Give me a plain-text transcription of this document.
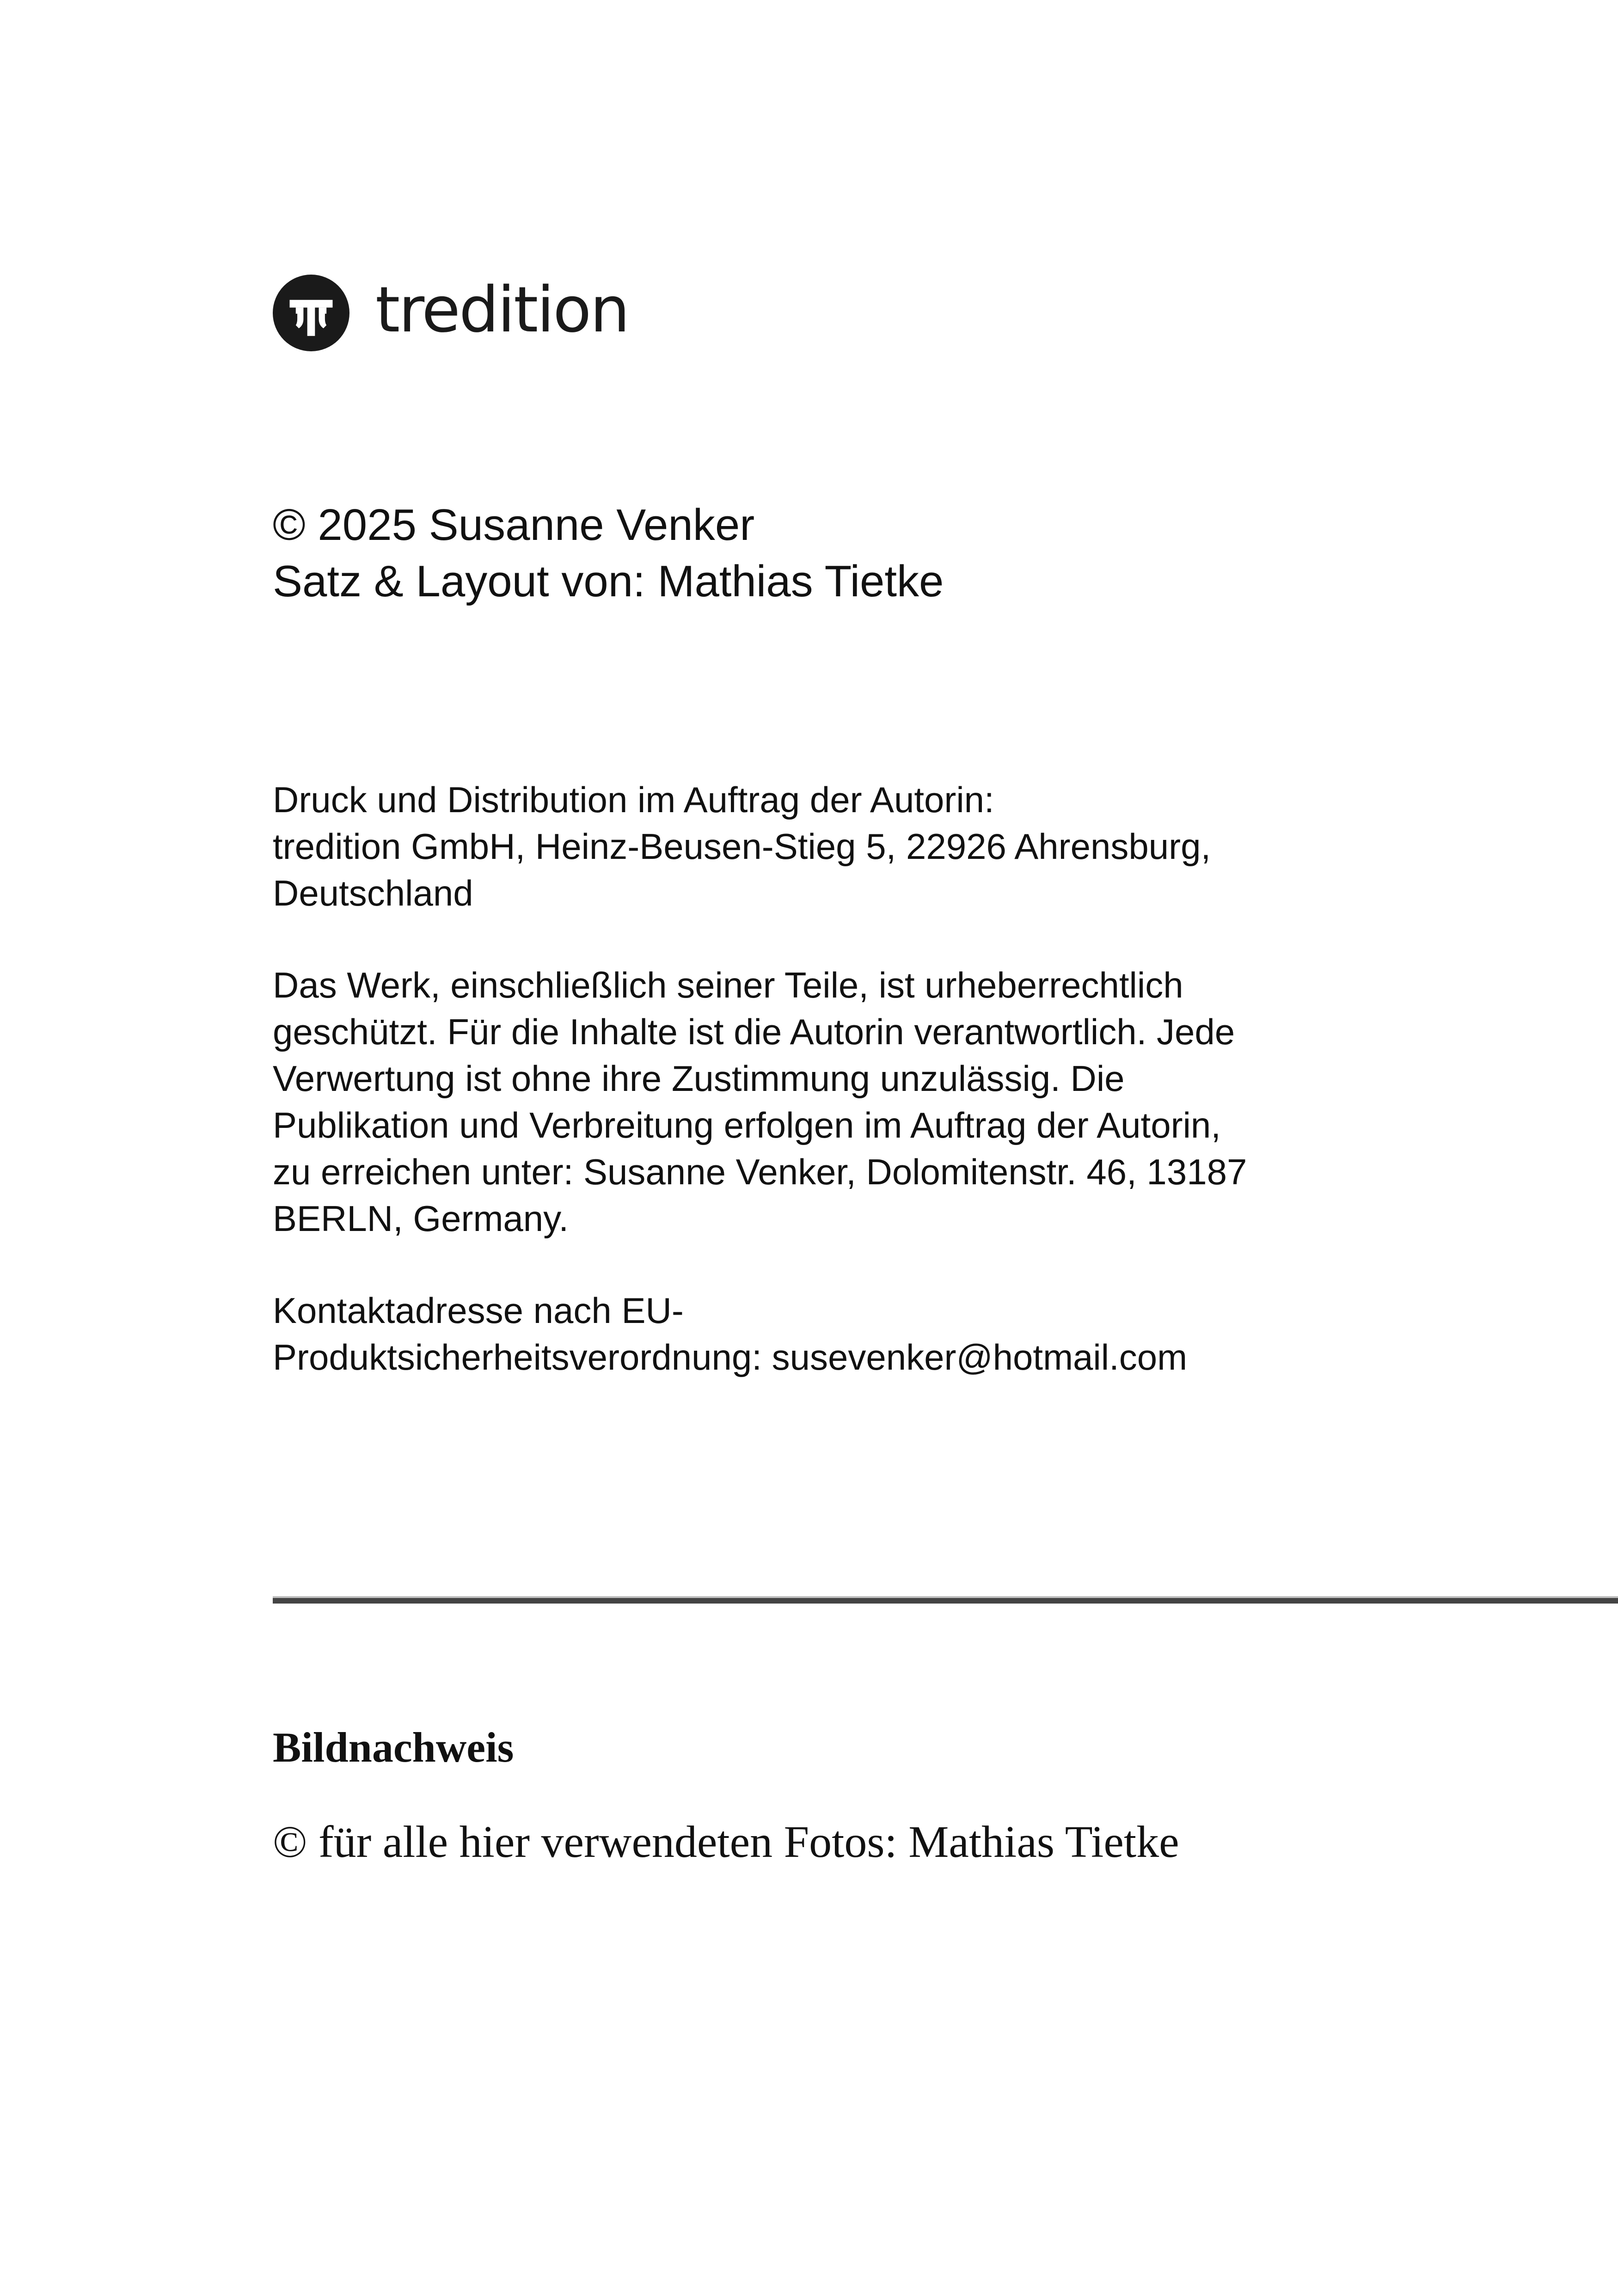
tredition
© 2025 Susanne Venker
Satz & Layout von: Mathias Tietke

Druck und Distribution im Auftrag der Autorin:
tredition GmbH, Heinz-Beusen-Stieg 5, 22926 Ahrensburg,
Deutschland

Das Werk, einschließlich seiner Teile, ist urheberrechtlich
geschützt. Für die Inhalte ist die Autorin verantwortlich. Jede
Verwertung ist ohne ihre Zustimmung unzulässig. Die
Publikation und Verbreitung erfolgen im Auftrag der Autorin,
zu erreichen unter: Susanne Venker, Dolomitenstr. 46, 13187
BERLN, Germany.

Kontaktadresse nach EU-
Produktsicherheitsverordnung: susevenker@hotmail.com

Bildnachweis
© für alle hier verwendeten Fotos: Mathias Tietke
